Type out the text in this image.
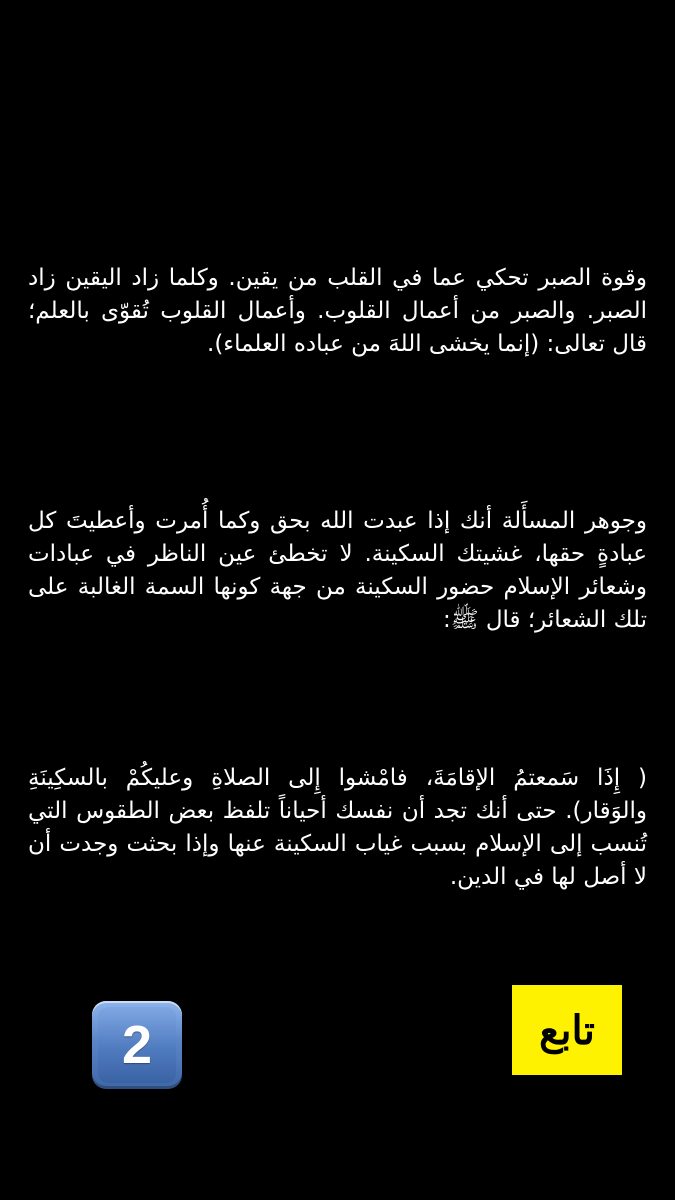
وقوة الصبر تحكي عما في القلب من يقين. وكلما زاد اليقين زاد الصبر. والصبر من أعمال القلوب. وأعمال القلوب تُقوّى بالعلم؛ قال تعالى: (إنما يخشى اللهَ من عباده العلماء).

وجوهر المسأَلة أنك إذا عبدت الله بحق وكما أُمرت وأعطيتَ كل عبادةٍ حقها، غشيتك السكينة. لا تخطئ عين الناظر في عبادات وشعائر الإسلام حضور السكينة من جهة كونها السمة الغالبة على تلك الشعائر؛ قال ﷺ:

( إِذَا سَمعتمُ الإقامَةَ، فامْشوا إِلى الصلاةِ وعليكُمْ بالسكِينَةِ والوَقار). حتى أنك تجد أن نفسك أحياناً تلفظ بعض الطقوس التي تُنسب إلى الإسلام بسبب غياب السكينة عنها وإذا بحثت وجدت أن لا أصل لها في الدين.

2	تابع
